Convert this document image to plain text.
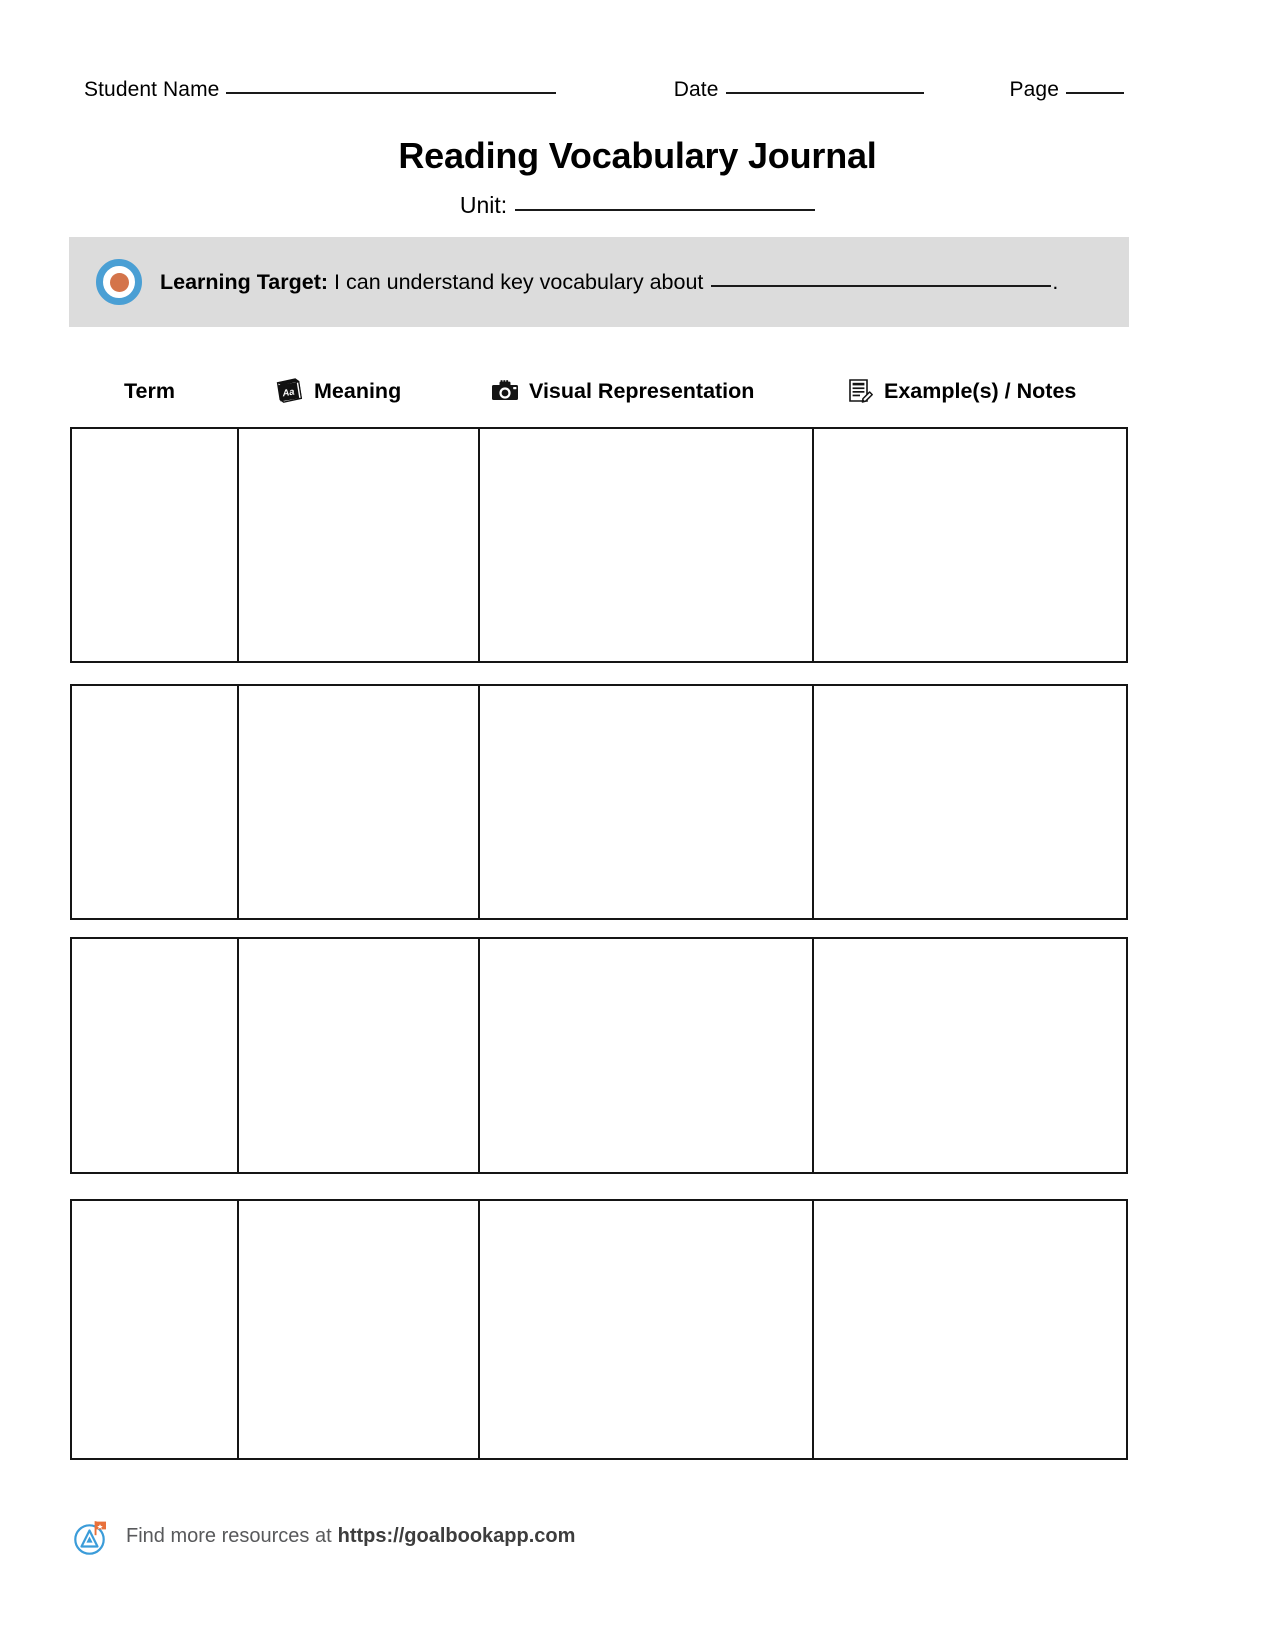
Student Name	Date	Page
Reading Vocabulary Journal
Unit:
Learning Target: I can understand key vocabulary about	.
Term	Aa Meaning	Visual Representation	Example(s) / Notes
Find more resources at https://goalbookapp.com
